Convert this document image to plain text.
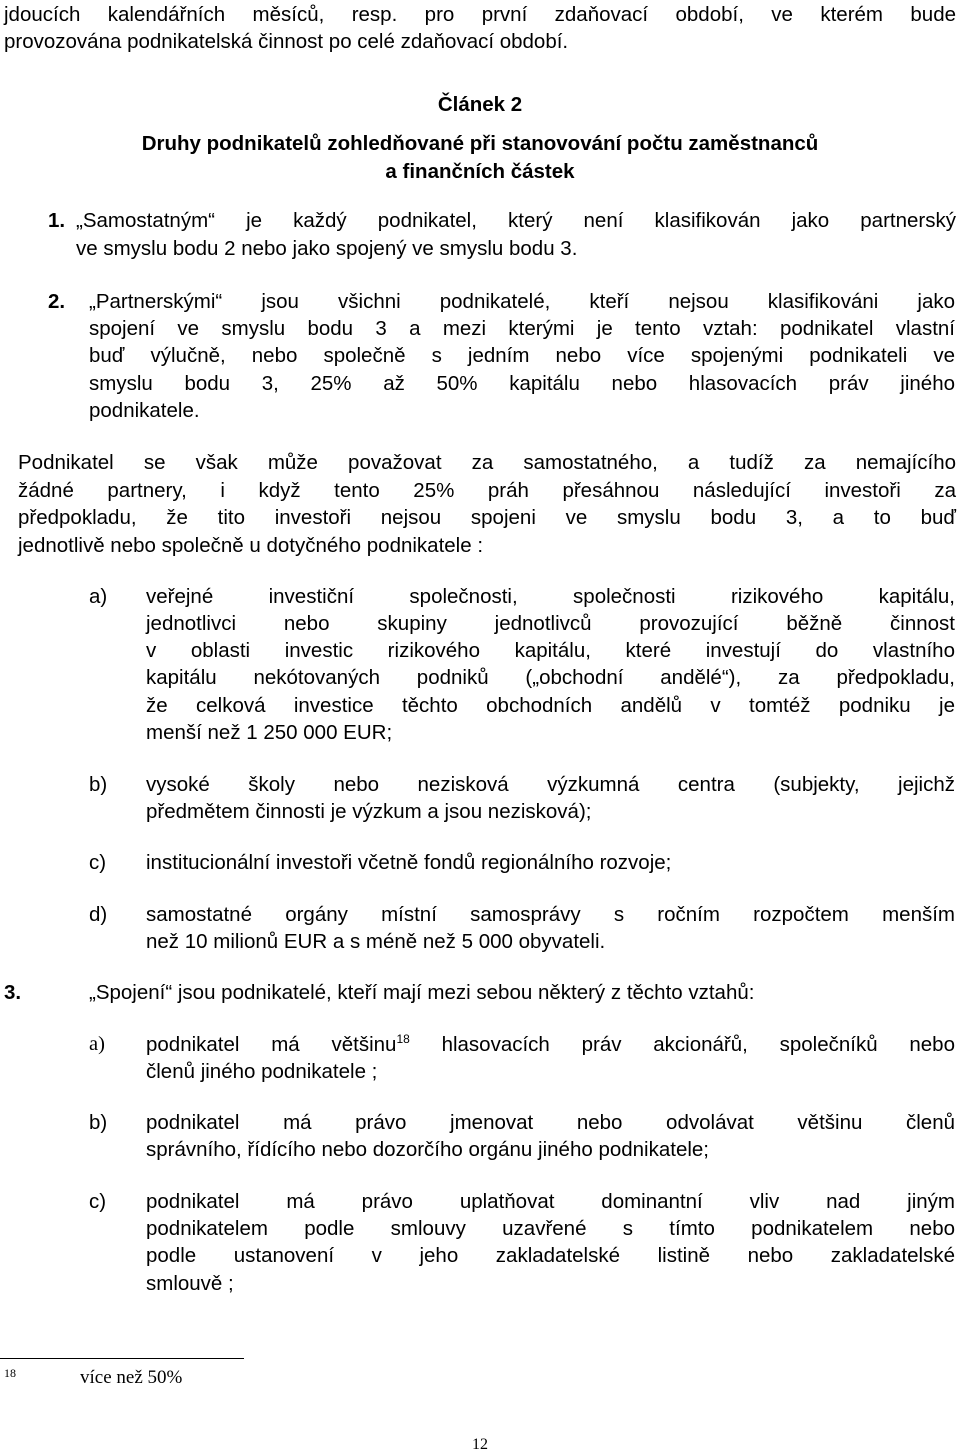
jdoucích kalendářních měsíců, resp. pro první zdaňovací období, ve kterém bude
provozována podnikatelská činnost po celé zdaňovací období.
Článek 2
Druhy podnikatelů zohledňované při stanovování počtu zaměstnanců
a finančních částek
1. „Samostatným“ je každý podnikatel, který není klasifikován jako partnerský
ve smyslu bodu 2 nebo jako spojený ve smyslu bodu 3.
2. „Partnerskými“ jsou všichni podnikatelé, kteří nejsou klasifikováni jako
spojení ve smyslu bodu 3 a mezi kterými je tento vztah: podnikatel vlastní
buď výlučně, nebo společně s jedním nebo více spojenými podnikateli ve
smyslu bodu 3, 25% až 50% kapitálu nebo hlasovacích práv jiného
podnikatele.
Podnikatel se však může považovat za samostatného, a tudíž za nemajícího
žádné partnery, i když tento 25% práh přesáhnou následující investoři za
předpokladu, že tito investoři nejsou spojeni ve smyslu bodu 3, a to buď
jednotlivě nebo společně u dotyčného podnikatele :
a) veřejné investiční společnosti, společnosti rizikového kapitálu,
jednotlivci nebo skupiny jednotlivců provozující běžně činnost
v oblasti investic rizikového kapitálu, které investují do vlastního
kapitálu nekótovaných podniků („obchodní andělé“), za předpokladu,
že celková investice těchto obchodních andělů v tomtéž podniku je
menší než 1 250 000 EUR;
b) vysoké školy nebo nezisková výzkumná centra (subjekty, jejichž
předmětem činnosti je výzkum a jsou nezisková);
c) institucionální investoři včetně fondů regionálního rozvoje;
d) samostatné orgány místní samosprávy s ročním rozpočtem menším
než 10 milionů EUR a s méně než 5 000 obyvateli.
3.	„Spojení“ jsou podnikatelé, kteří mají mezi sebou některý z těchto vztahů:
a) podnikatel má většinu$^{18}$ hlasovacích práv akcionářů, společníků nebo
členů jiného podnikatele ;
b) podnikatel má právo jmenovat nebo odvolávat většinu členů
správního, řídícího nebo dozorčího orgánu jiného podnikatele;
c) podnikatel má právo uplatňovat dominantní vliv nad jiným
podnikatelem podle smlouvy uzavřené s tímto podnikatelem nebo
podle ustanovení v jeho zakladatelské listině nebo zakladatelské
smlouvě ;
18	více než 50%
12
